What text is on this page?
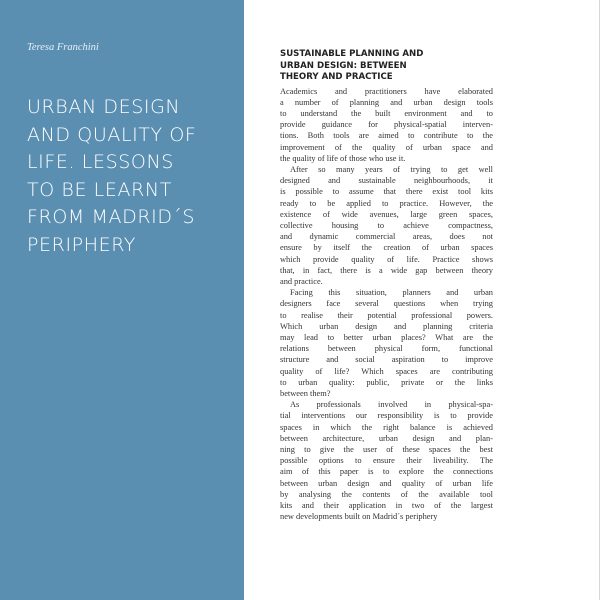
Teresa Franchini
URBAN DESIGN
AND QUALITY OF
LIFE. LESSONS
TO BE LEARNT
FROM MADRID´S
PERIPHERY
SUSTAINABLE PLANNING AND
URBAN DESIGN: BETWEEN
THEORY AND PRACTICE
Academics and practitioners have elaborated
a number of planning and urban design tools
to understand the built environment and to
provide guidance for physical-spatial interven-
tions. Both tools are aimed to contribute to the
improvement of the quality of urban space and
the quality of life of those who use it.
After so many years of trying to get well
designed and sustainable neighbourhoods, it
is possible to assume that there exist tool kits
ready to be applied to practice. However, the
existence of wide avenues, large green spaces,
collective housing to achieve compactness,
and dynamic commercial areas, does not
ensure by itself the creation of urban spaces
which provide quality of life. Practice shows
that, in fact, there is a wide gap between theory
and practice.
Facing this situation, planners and urban
designers face several questions when trying
to realise their potential professional powers.
Which urban design and planning criteria
may lead to better urban places? What are the
relations between physical form, functional
structure and social aspiration to improve
quality of life? Which spaces are contributing
to urban quality: public, private or the links
between them?
As professionals involved in physical-spa-
tial interventions our responsibility is to provide
spaces in which the right balance is achieved
between architecture, urban design and plan-
ning to give the user of these spaces the best
possible options to ensure their liveability. The
aim of this paper is to explore the connections
between urban design and quality of urban life
by analysing the contents of the available tool
kits and their application in two of the largest
new developments built on Madrid´s periphery
